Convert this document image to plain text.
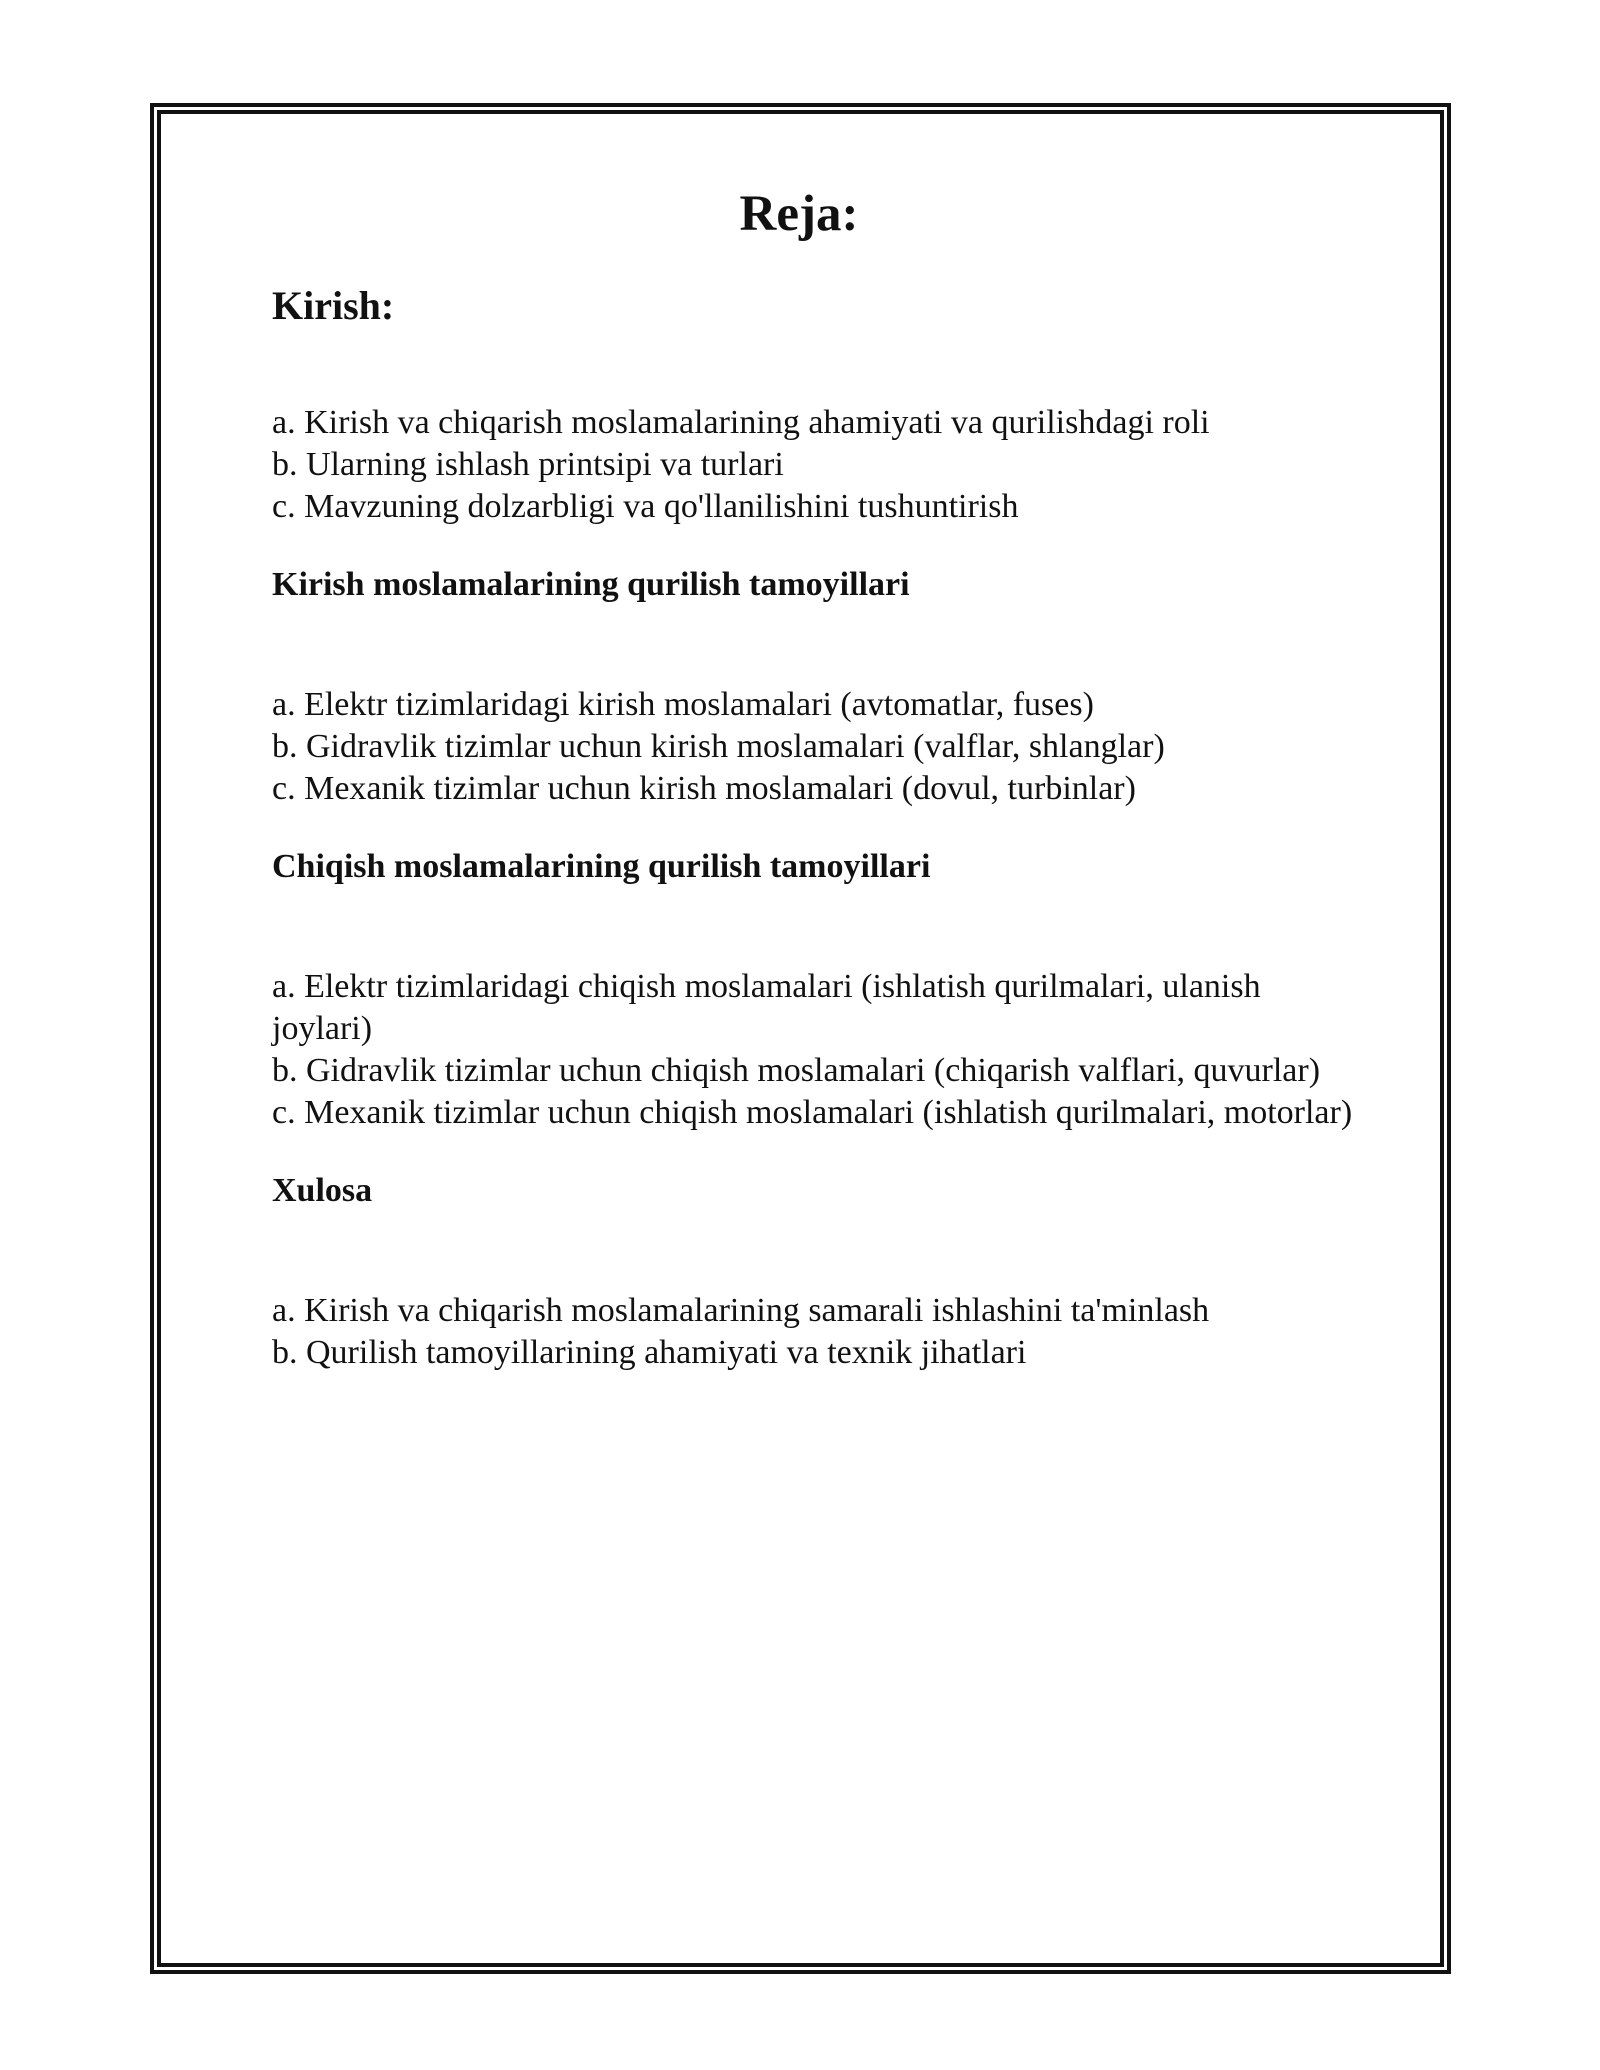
Reja:
Kirish:
a. Kirish va chiqarish moslamalarining ahamiyati va qurilishdagi roli
b. Ularning ishlash printsipi va turlari
c. Mavzuning dolzarbligi va qo'llanilishini tushuntirish
Kirish moslamalarining qurilish tamoyillari
a. Elektr tizimlaridagi kirish moslamalari (avtomatlar, fuses)
b. Gidravlik tizimlar uchun kirish moslamalari (valflar, shlanglar)
c. Mexanik tizimlar uchun kirish moslamalari (dovul, turbinlar)
Chiqish moslamalarining qurilish tamoyillari
a. Elektr tizimlaridagi chiqish moslamalari (ishlatish qurilmalari, ulanish joylari)
b. Gidravlik tizimlar uchun chiqish moslamalari (chiqarish valflari, quvurlar)
c. Mexanik tizimlar uchun chiqish moslamalari (ishlatish qurilmalari, motorlar)
Xulosa
a. Kirish va chiqarish moslamalarining samarali ishlashini ta'minlash
b. Qurilish tamoyillarining ahamiyati va texnik jihatlari
